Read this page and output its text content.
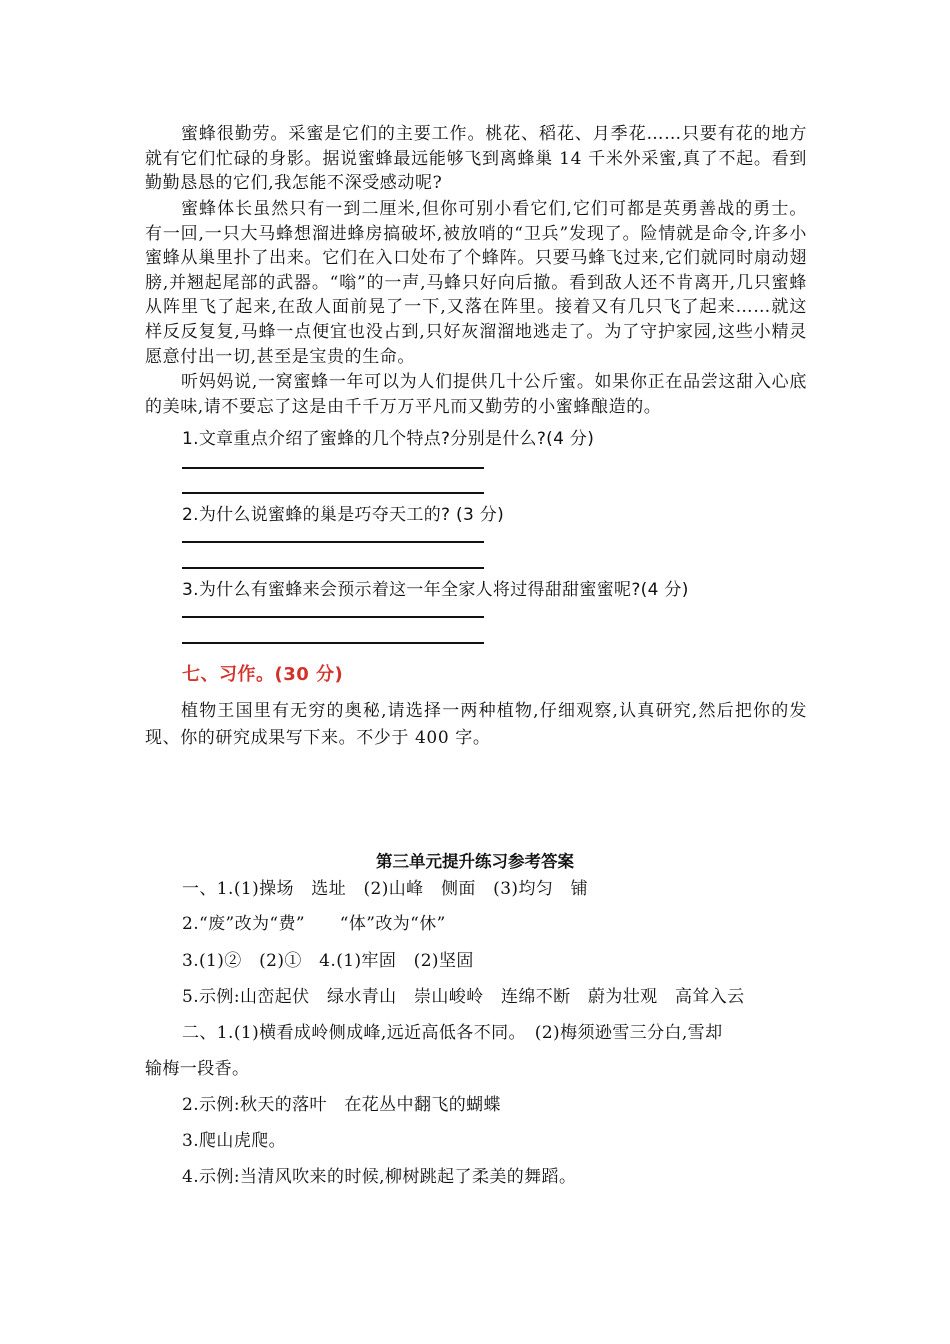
蜜蜂很勤劳。采蜜是它们的主要工作。桃花、稻花、月季花……只要有花的地方就有它们忙碌的身影。据说蜜蜂最远能够飞到离蜂巢 14 千米外采蜜,真了不起。看到勤勤恳恳的它们,我怎能不深受感动呢?

蜜蜂体长虽然只有一到二厘米,但你可别小看它们,它们可都是英勇善战的勇士。有一回,一只大马蜂想溜进蜂房搞破坏,被放哨的“卫兵”发现了。险情就是命令,许多小蜜蜂从巢里扑了出来。它们在入口处布了个蜂阵。只要马蜂飞过来,它们就同时扇动翅膀,并翘起尾部的武器。“嗡”的一声,马蜂只好向后撤。看到敌人还不肯离开,几只蜜蜂从阵里飞了起来,在敌人面前晃了一下,又落在阵里。接着又有几只飞了起来……就这样反反复复,马蜂一点便宜也没占到,只好灰溜溜地逃走了。为了守护家园,这些小精灵愿意付出一切,甚至是宝贵的生命。

听妈妈说,一窝蜜蜂一年可以为人们提供几十公斤蜜。如果你正在品尝这甜入心底的美味,请不要忘了这是由千千万万平凡而又勤劳的小蜜蜂酿造的。

1.文章重点介绍了蜜蜂的几个特点?分别是什么?(4 分)

2.为什么说蜜蜂的巢是巧夺天工的? (3 分)

3.为什么有蜜蜂来会预示着这一年全家人将过得甜甜蜜蜜呢?(4 分)

七、习作。(30 分)

植物王国里有无穷的奥秘,请选择一两种植物,仔细观察,认真研究,然后把你的发现、你的研究成果写下来。不少于 400 字。

第三单元提升练习参考答案

一、1.(1)操场　选址　(2)山峰　侧面　(3)均匀　铺

2.“废”改为“费”　　“体”改为“休”

3.(1)②　(2)①　4.(1)牢固　(2)坚固

5.示例:山峦起伏　绿水青山　崇山峻岭　连绵不断　蔚为壮观　高耸入云

二、1.(1)横看成岭侧成峰,远近高低各不同。　(2)梅须逊雪三分白,雪却

输梅一段香。

2.示例:秋天的落叶　在花丛中翻飞的蝴蝶

3.爬山虎爬。

4.示例:当清风吹来的时候,柳树跳起了柔美的舞蹈。
